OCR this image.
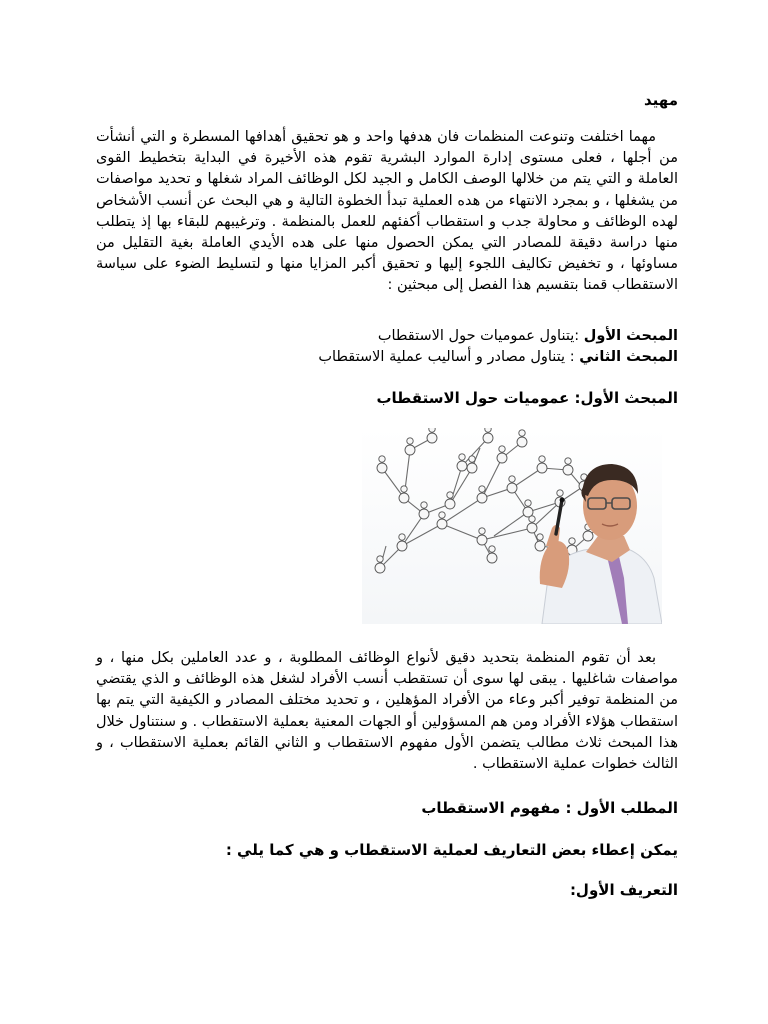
مهيد

مهما اختلفت وتنوعت المنظمات فان هدفها واحد و هو تحقيق أهدافها المسطرة و التي أنشأت من أجلها ، فعلى مستوى إدارة الموارد البشرية تقوم هذه الأخيرة في البداية بتخطيط القوى العاملة و التي يتم من خلالها الوصف الكامل و الجيد لكل الوظائف المراد شغلها و تحديد مواصفات من يشغلها ، و بمجرد الانتهاء من هده العملية تبدأ الخطوة التالية و هي البحث عن أنسب الأشخاص لهده الوظائف و محاولة جدب و استقطاب أكفئهم للعمل بالمنظمة . وترغيبهم للبقاء بها إذ يتطلب منها دراسة دقيقة للمصادر التي يمكن الحصول منها على هده الأيدي العاملة بغية التقليل من مساوئها ، و تخفيض تكاليف اللجوء إليها و تحقيق أكبر المزايا منها و لتسليط الضوء على سياسة الاستقطاب قمنا بتقسيم هذا الفصل إلى مبحثين :

المبحث الأول :يتناول عموميات حول الاستقطاب
المبحث الثاني : يتناول مصادر و أساليب عملية الاستقطاب
المبحث الأول: عموميات حول الاستقطاب

بعد أن تقوم المنظمة بتحديد دقيق لأنواع الوظائف المطلوبة ، و عدد العاملين بكل منها ، و مواصفات شاغليها . يبقى لها سوى أن تستقطب أنسب الأفراد لشغل هذه الوظائف و الذي يقتضي من المنظمة توفير أكبر وعاء من الأفراد المؤهلين ، و تحديد مختلف المصادر و الكيفية التي يتم بها استقطاب هؤلاء الأفراد ومن هم المسؤولين أو الجهات المعنية بعملية الاستقطاب . و سنتناول خلال هذا المبحث ثلاث مطالب يتضمن الأول مفهوم الاستقطاب و الثاني القائم بعملية الاستقطاب ، و الثالث خطوات عملية الاستقطاب .

المطلب الأول : مفهوم الاستقطاب
يمكن إعطاء بعض التعاريف لعملية الاستقطاب و هي كما يلي :
التعريف الأول:
